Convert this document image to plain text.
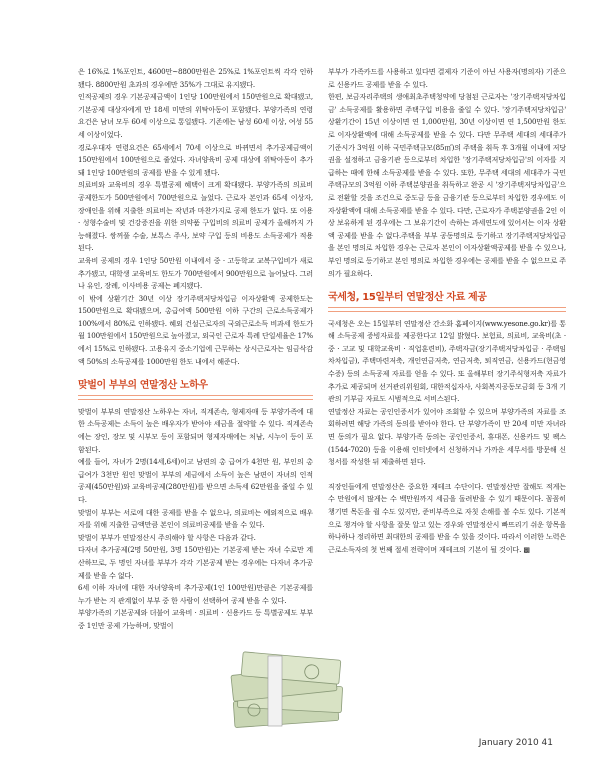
은 16%로 1%포인트, 4600만~8800만원은 25%로 1%포인트씩 각각 인하됐다. 8800만원 초과의 경우에만 35%가 그대로 유지됐다.

인적공제의 경우 기본공제금액이 1인당 100만원에서 150만원으로 확대됐고, 기본공제 대상자에게 만 18세 미만의 위탁아동이 포함됐다. 부양가족의 연령요건은 남녀 모두 60세 이상으로 통일됐다. 기존에는 남성 60세 이상, 여성 55세 이상이었다.

경로우대자 연령요건은 65세에서 70세 이상으로 바뀌면서 추가공제금액이 150만원에서 100만원으로 줄었다. 자녀양육비 공제 대상에 위탁아동이 추가돼 1인당 100만원의 공제를 받을 수 있게 됐다.

의료비와 교육비의 경우 특별공제 혜택이 크게 확대됐다. 부양가족의 의료비 공제한도가 500만원에서 700만원으로 늘었다. 근로자 본인과 65세 이상자, 장애인을 위해 지출한 의료비는 작년과 마찬가지로 공제 한도가 없다. 또 이용 · 성형수술비 및 건강증진을 위한 의약품 구입비의 의료비 공제가 올해까지 가능해졌다. 쌍꺼풀 수술, 보톡스 주사, 보약 구입 등의 비용도 소득공제가 적용된다.

교육비 공제의 경우 1인당 50만원 이내에서 중 · 고등학교 교복구입비가 새로 추가됐고, 대학생 교육비도 한도가 700만원에서 900만원으로 늘어났다. 그러나 유인, 장례, 이사비용 공제는 폐지됐다.

이 밖에 상환기간 30년 이상 장기주택저당차입금 이자상환액 공제한도는 1500만원으로 확대됐으며, 총급여액 500만원 이하 구간의 근로소득공제가 100%에서 80%로 인하됐다. 혜외 건설근로자의 국외근로소득 비과세 한도가 월 100만원에서 150만원으로 높아졌고, 외국인 근로자 특례 단일세율은 17%에서 15%로 인하됐다. 고용유지 중소기업에 근무하는 상시근로자는 임금삭감액 50%의 소득공제를 1000만원 한도 내에서 해준다.

맞벌이 부부의 연말정산 노하우

맞벌이 부부의 연말정산 노하우는 자녀, 직계존속, 형제자매 등 부양가족에 대한 소득공제는 소득이 높은 배우자가 받아야 세금을 절약할 수 있다. 직계존속에는 장인, 장모 및 시부모 등이 포함되며 형제자매에는 처남, 시누이 등이 포함된다.

예를 들어, 자녀가 2명(14세,6세)이고 남편의 총 급여가 4천만 원, 부인의 총 급여가 3천만 원인 맞벌이 부부의 세금에서 소득이 높은 남편이 자녀의 인적 공제(450만원)와 교육비공제(280만원)를 받으면 소득세 62만원을 줄일 수 있다.

맞벌이 부부는 서로에 대한 공제를 받을 수 없으나, 의료비는 예외적으로 배우자를 위해 지출한 금액만큼 본인이 의료비공제를 받을 수 있다.

맞벌이 부부가 연말정산시 주의해야 할 사항은 다음과 같다.

다자녀 추가공제(2명 50만원, 3명 150만원)는 기본공제 받는 자녀 수로만 계산하므로, 두 명인 자녀를 부부가 각각 기본공제 받는 경우에는 다자녀 추가공제를 받을 수 없다.

6세 이하 자녀에 대한 자녀양육비 추가공제(1인 100만원)만큼은 기본공제를 누가 받는 지 관계없이 부부 중 한 사람이 선택하여 공제 받을 수 있다.

부양가족의 기본공제와 더불어 교육비 · 의료비 · 신용카드 등 특별공제도 부부 중 1인만 공제 가능하며, 맞벌이

부부가 가족카드를 사용하고 있다면 결제자 기준이 아닌 사용자(명의자) 기준으로 신용카드 공제를 받을 수 있다.

한편, 보금자리주택의 생애최초주택청약에 당첨된 근로자는 '장기주택저당차입금' 소득공제를 활용하면 주택구입 비용을 줄일 수 있다. '장기주택저당차입금' 상환기간이 15년 이상이면 연 1,000만원, 30년 이상이면 연 1,500만원 한도로 이자상환액에 대해 소득공제를 받을 수 있다. 다만 무주택 세대의 세대주가 기준시가 3억원 이하 국민주택규모(85㎡)의 주택을 취득 후 3개월 이내에 저당권을 설정하고 금융기관 등으로부터 차입한 '장기주택저당차입금'의 이자를 지급하는 때에 한해 소득공제를 받을 수 있다. 또한, 무주택 세대의 세대주가 국민주택규모의 3억원 이하 주택분양권을 취득하고 완공 시 '장기주택저당차입금'으로 전환할 것을 조건으로 중도금 등을 금융기관 등으로부터 차입한 경우에도 이자상환액에 대해 소득공제를 받을 수 있다. 다만, 근로자가 주택분양권을 2인 이상 보유하게 된 경우에는 그 보유기간이 속하는 과세연도에 있어서는 이자 상환액 공제를 받을 수 없다.주택을 부부 공동명의로 등기하고 장기주택저당차입금을 본인 명의로 차입한 경우는 근로자 본인이 이자상환액공제를 받을 수 있으나, 부인 명의로 등기하고 본인 명의로 차입한 경우에는 공제를 받을 수 없으므로 주의가 필요하다.

국세청, 15일부터 연말정산 자료 제공

국세청은 오는 15일부터 연말정산 간소화 홈페이지(www.yesone.go.kr)를 통해 소득공제 증빙자료를 제공한다고 12일 밝혔다. 보험료, 의료비, 교육비(초 · 중 · 고교 및 대학교육비 · 직업훈련비), 주택자금(장기주택저당차입금 · 주택임차차입금), 주택마련저축, 개인연금저축, 연금저축, 퇴직연금, 신용카드(현금영수증) 등의 소득공제 자료를 얻을 수 있다. 또 올해부터 장기주식형저축 자료가 추가로 제공되며 선거관리위원회, 대한적십자사, 사회복지공동모금회 등 3개 기관의 기부금 자료도 시범적으로 서비스된다.

연말정산 자료는 공인인증서가 있어야 조회할 수 있으며 부양가족의 자료를 조회하려면 해당 가족의 동의를 받아야 한다. 단 부양가족이 만 20세 미만 자녀라면 동의가 필요 없다. 부양가족 동의는 공인인증서, 휴대폰, 신용카드 및 팩스(1544-7020) 등을 이용해 인터넷에서 신청하거나 가까운 세무서를 방문해 신청서를 작성한 뒤 제출하면 된다.

직장인들에게 연말정산은 중요한 재테크 수단이다. 연말정산만 잘해도 적게는 수 만원에서 많게는 수 백만원까지 세금을 돌려받을 수 있기 때문이다. 꼼꼼히 챙기면 목돈을 쥘 수도 있지만, 준비부족으로 자칫 손해를 볼 수도 있다. 기본적으로 챙겨야 할 사항을 잘못 알고 있는 경우와 연말정산시 빠뜨리기 쉬운 항목을 하나하나 정리하면 최대한의 공제를 받을 수 있을 것이다. 따라서 이러한 노력은 근로소득자의 첫 번째 절세 전략이며 재테크의 기본이 될 것이다. ▩

January 2010 41
